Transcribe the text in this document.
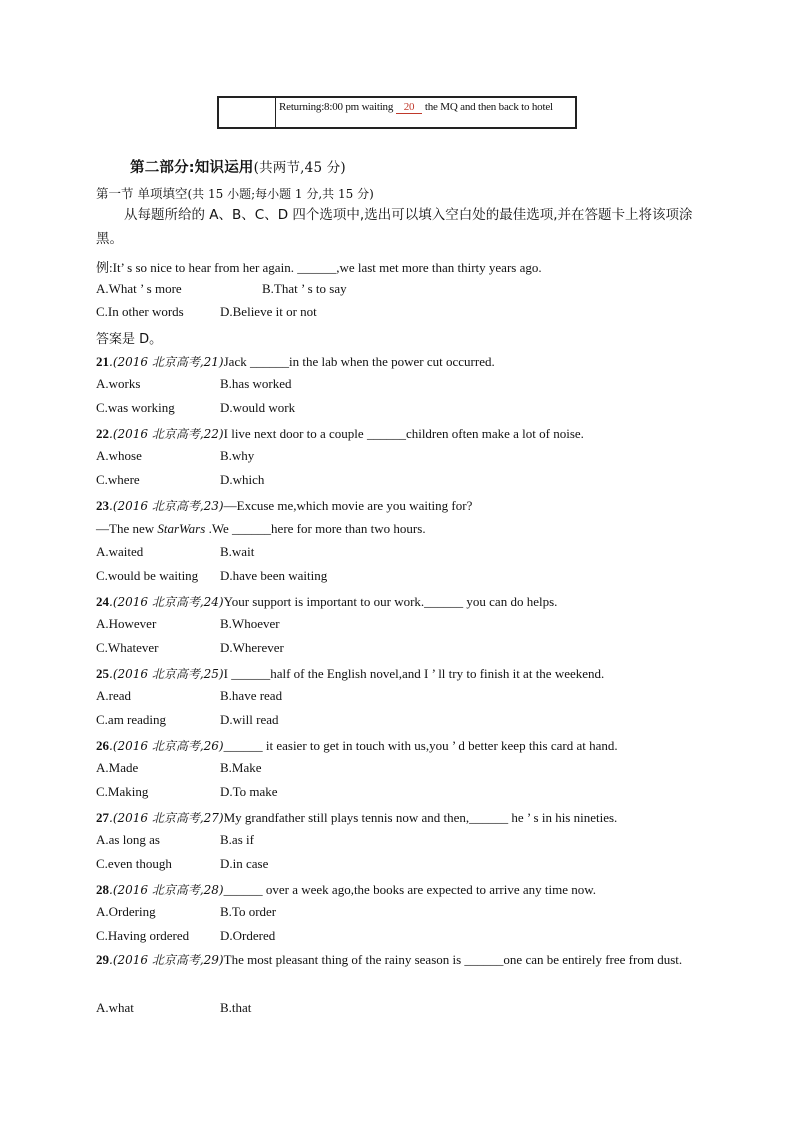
Returning:8:00 pm waiting 20 the MQ and then back to hotel
第二部分:知识运用(共两节,45 分)
第一节 单项填空(共 15 小题;每小题 1 分,共 15 分)
从每题所给的 A、B、C、D 四个选项中,选出可以填入空白处的最佳选项,并在答题卡上将该项涂黑。
例:It’ s so nice to hear from her again. ______,we last met more than thirty years ago.
A.What ’ s more	B.That ’ s to say
C.In other words	D.Believe it or not
答案是 D。
21.(2016 北京高考,21)Jack ______in the lab when the power cut occurred.
A.works	B.has worked
C.was working	D.would work
22.(2016 北京高考,22)I live next door to a couple ______children often make a lot of noise.
A.whose	B.why
C.where	D.which
23.(2016 北京高考,23)—Excuse me,which movie are you waiting for?
—The new StarWars .We ______here for more than two hours.
A.waited	B.wait
C.would be waiting D.have been waiting
24.(2016 北京高考,24)Your support is important to our work.______ you can do helps.
A.However	B.Whoever
C.Whatever	D.Wherever
25.(2016 北京高考,25)I ______half of the English novel,and I ’ ll try to finish it at the weekend.
A.read	B.have read
C.am reading	D.will read
26.(2016 北京高考,26)______ it easier to get in touch with us,you ’ d better keep this card at hand.
A.Made	B.Make
C.Making	D.To make
27.(2016 北京高考,27)My grandfather still plays tennis now and then,______ he ’ s in his nineties.
A.as long as	B.as if
C.even though	D.in case
28.(2016 北京高考,28)______ over a week ago,the books are expected to arrive any time now.
A.Ordering	B.To order
C.Having ordered D.Ordered
29.(2016 北京高考,29)The most pleasant thing of the rainy season is ______one can be entirely free from dust.
A.what	B.that
